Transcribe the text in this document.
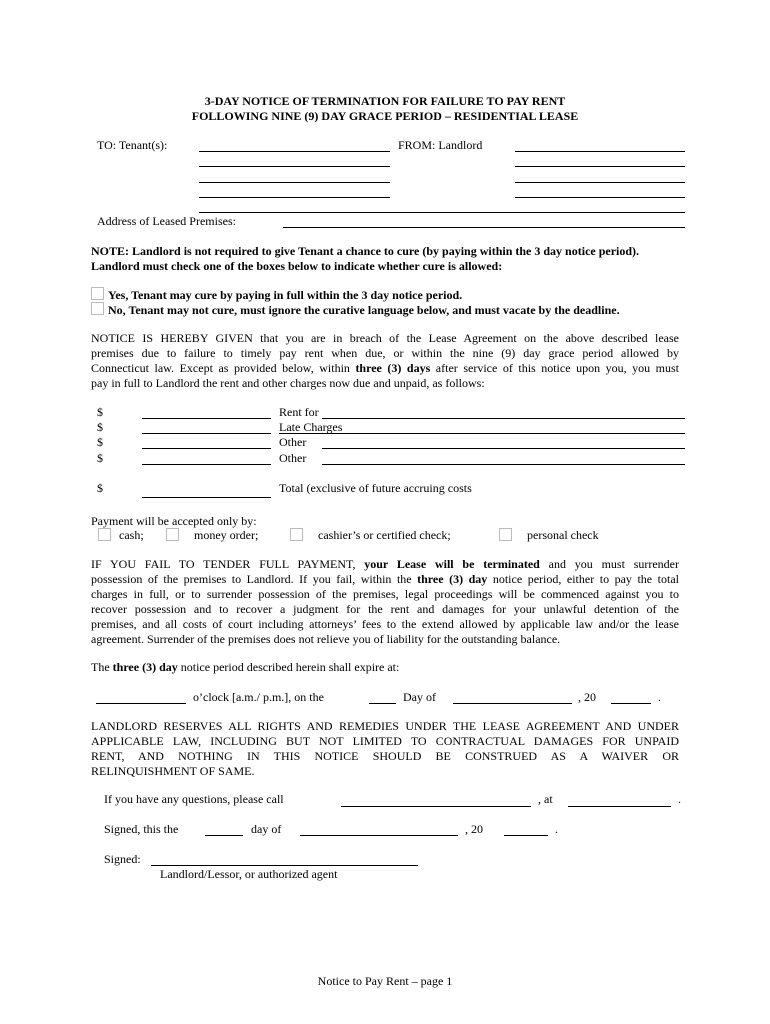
3-DAY NOTICE OF TERMINATION FOR FAILURE TO PAY RENT
FOLLOWING NINE (9) DAY GRACE PERIOD – RESIDENTIAL LEASE
TO: Tenant(s):	FROM: Landlord
Address of Leased Premises:
NOTE: Landlord is not required to give Tenant a chance to cure (by paying within the 3 day notice period).
Landlord must check one of the boxes below to indicate whether cure is allowed:
Yes, Tenant may cure by paying in full within the 3 day notice period.
No, Tenant may not cure, must ignore the curative language below, and must vacate by the deadline.
NOTICE IS HEREBY GIVEN that you are in breach of the Lease Agreement on the above described lease
premises due to failure to timely pay rent when due, or within the nine (9) day grace period allowed by
Connecticut law. Except as provided below, within three (3) days after service of this notice upon you, you must
pay in full to Landlord the rent and other charges now due and unpaid, as follows:
$	Rent for
$	Late Charges
$	Other
$	Other
$	Total (exclusive of future accruing costs
Payment will be accepted only by:
cash;	money order;	cashier’s or certified check;	personal check
IF YOU FAIL TO TENDER FULL PAYMENT, your Lease will be terminated and you must surrender
possession of the premises to Landlord. If you fail, within the three (3) day notice period, either to pay the total
charges in full, or to surrender possession of the premises, legal proceedings will be commenced against you to
recover possession and to recover a judgment for the rent and damages for your unlawful detention of the
premises, and all costs of court including attorneys’ fees to the extend allowed by applicable law and/or the lease
agreement. Surrender of the premises does not relieve you of liability for the outstanding balance.
The three (3) day notice period described herein shall expire at:
o’clock [a.m./ p.m.], on the	Day of	, 20	.
LANDLORD RESERVES ALL RIGHTS AND REMEDIES UNDER THE LEASE AGREEMENT AND UNDER
APPLICABLE LAW, INCLUDING BUT NOT LIMITED TO CONTRACTUAL DAMAGES FOR UNPAID
RENT, AND NOTHING IN THIS NOTICE SHOULD BE CONSTRUED AS A WAIVER OR
RELINQUISHMENT OF SAME.
If you have any questions, please call	, at	.
Signed, this the	day of	, 20	.
Signed:
Landlord/Lessor, or authorized agent
Notice to Pay Rent – page 1
